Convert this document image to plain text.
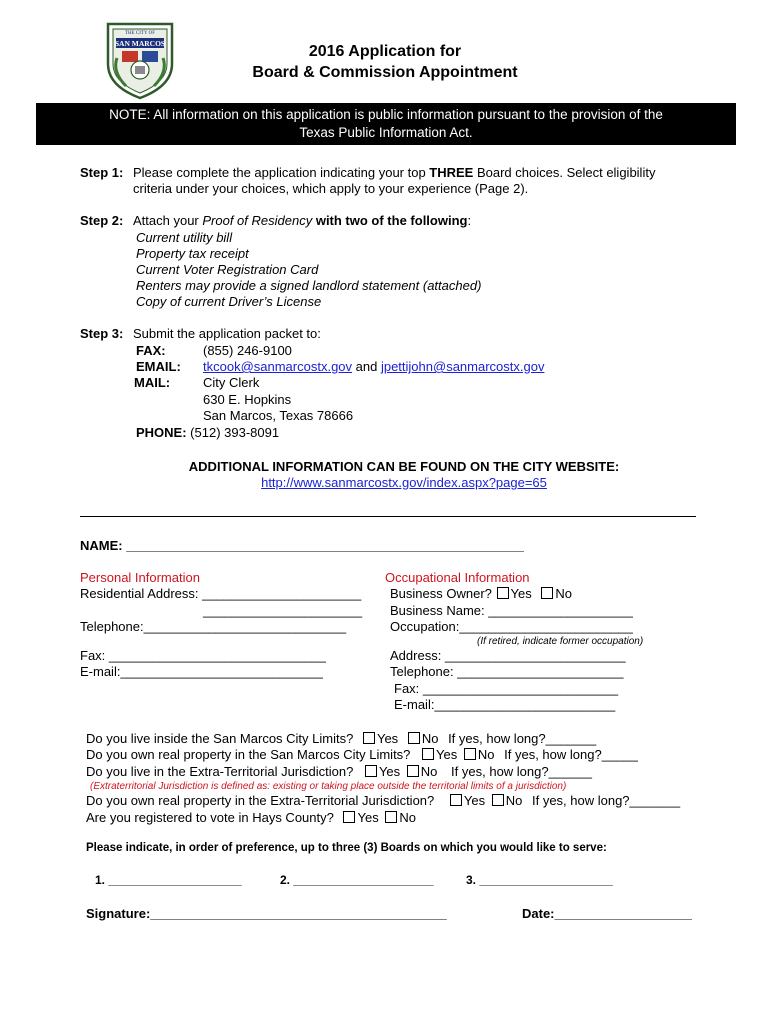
THE CITY OF
SAN MARCOS	2016 Application for
Board & Commission Appointment
NOTE: All information on this application is public information pursuant to the provision of the
Texas Public Information Act.
Step 1: Please complete the application indicating your top THREE Board choices. Select eligibility
criteria under your choices, which apply to your experience (Page 2).
Step 2: Attach your Proof of Residency with two of the following:
Current utility bill
Property tax receipt
Current Voter Registration Card
Renters may provide a signed landlord statement (attached)
Copy of current Driver’s License
Step 3: Submit the application packet to:
FAX:	(855) 246-9100
EMAIL: tkcook@sanmarcostx.gov and jpettijohn@sanmarcostx.gov
MAIL:	City Clerk
630 E. Hopkins
San Marcos, Texas 78666
PHONE: (512) 393-8091
ADDITIONAL INFORMATION CAN BE FOUND ON THE CITY WEBSITE:
http://www.sanmarcostx.gov/index.aspx?page=65
NAME: _______________________________________________________
Personal Information
Residential Address: ______________________
______________________
Telephone:____________________________
Fax: ______________________________
E-mail:____________________________
Occupational Information
Business Owner? Yes No
Business Name: ____________________
Occupation:________________________
(If retired, indicate former occupation)
Address: _________________________
Telephone: _______________________
Fax: ___________________________
E-mail:_________________________
Do you live inside the San Marcos City Limits? Yes No If yes, how long?_______
Do you own real property in the San Marcos City Limits? Yes No If yes, how long?_____
Do you live in the Extra-Territorial Jurisdiction? Yes No If yes, how long?______
(Extraterritorial Jurisdiction is defined as: existing or taking place outside the territorial limits of a jurisdiction)
Do you own real property in the Extra-Territorial Jurisdiction? Yes No If yes, how long?_______
Are you registered to vote in Hays County? Yes No
Please indicate, in order of preference, up to three (3) Boards on which you would like to serve:
1. ____________________	2. _____________________	3. ____________________
Signature:_________________________________________	Date:___________________
